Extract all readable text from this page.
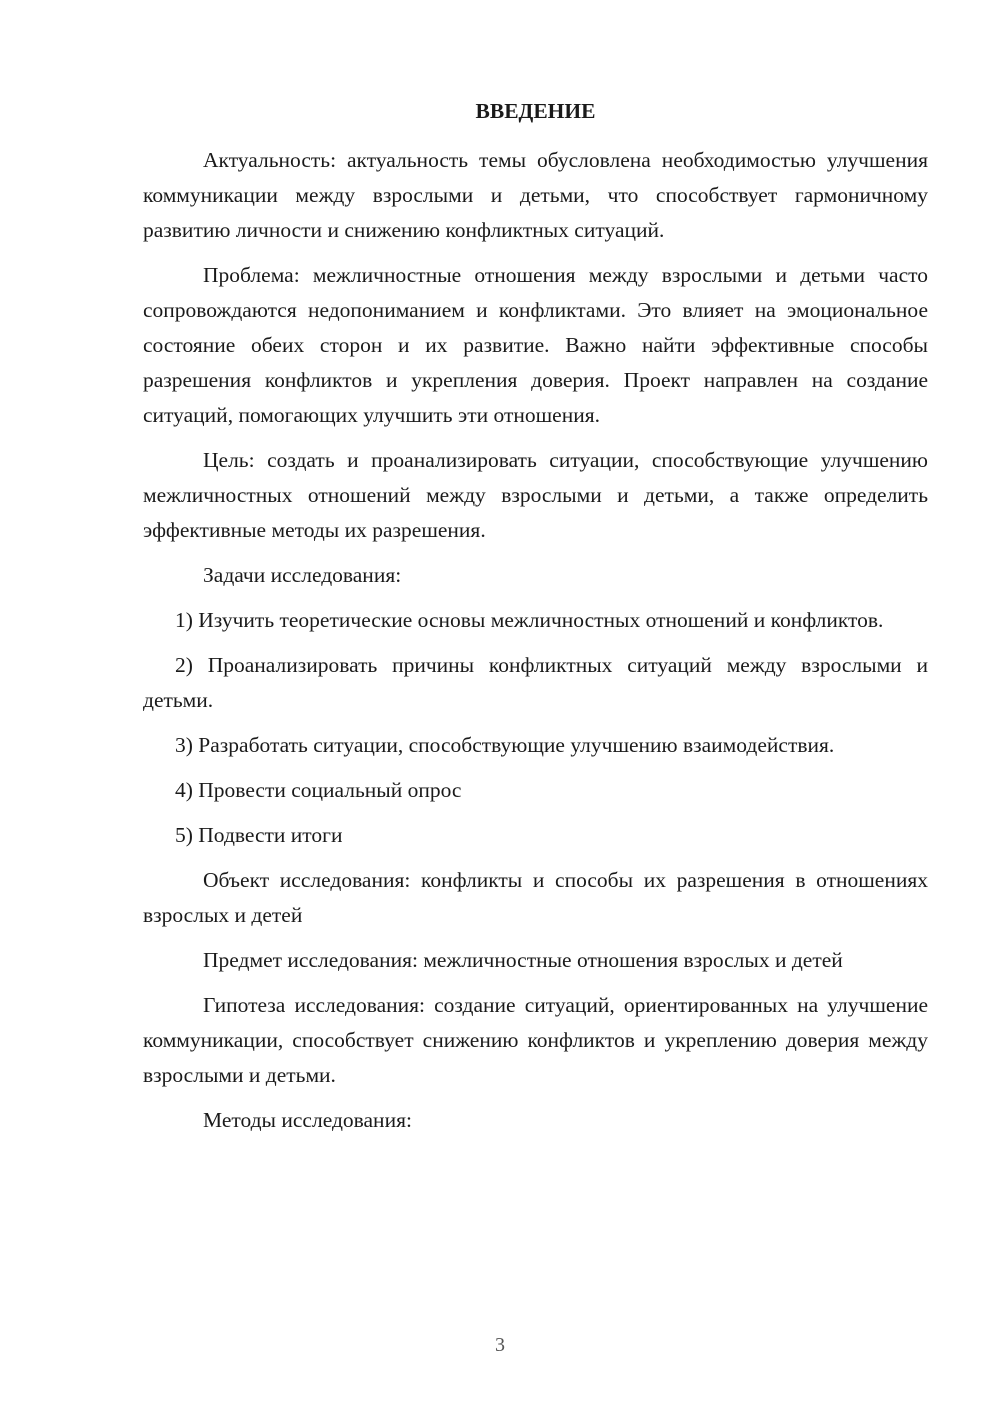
ВВЕДЕНИЕ

Актуальность: актуальность темы обусловлена необходимостью улучшения коммуникации между взрослыми и детьми, что способствует гармоничному развитию личности и снижению конфликтных ситуаций.

Проблема: межличностные отношения между взрослыми и детьми часто сопровождаются недопониманием и конфликтами. Это влияет на эмоциональное состояние обеих сторон и их развитие. Важно найти эффективные способы разрешения конфликтов и укрепления доверия. Проект направлен на создание ситуаций, помогающих улучшить эти отношения.

Цель: создать и проанализировать ситуации, способствующие улучшению межличностных отношений между взрослыми и детьми, а также определить эффективные методы их разрешения.

Задачи исследования:

1) Изучить теоретические основы межличностных отношений и конфликтов.

2) Проанализировать причины конфликтных ситуаций между взрослыми и детьми.

3) Разработать ситуации, способствующие улучшению взаимодействия.

4) Провести социальный опрос

5) Подвести итоги

Объект исследования: конфликты и способы их разрешения в отношениях взрослых и детей

Предмет исследования: межличностные отношения взрослых и детей

Гипотеза исследования: создание ситуаций, ориентированных на улучшение коммуникации, способствует снижению конфликтов и укреплению доверия между взрослыми и детьми.

Методы исследования:

3
